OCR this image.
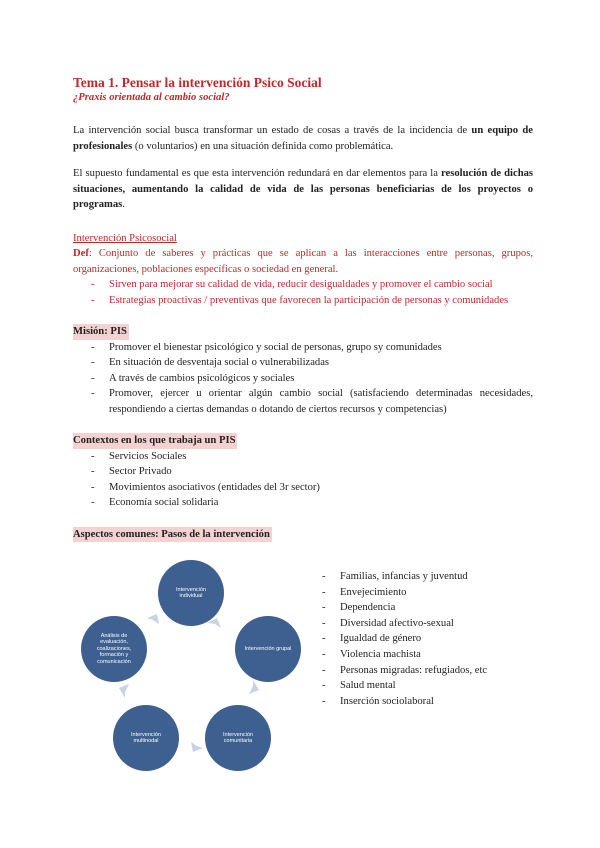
Tema 1. Pensar la intervención Psico Social

¿Praxis orientada al cambio social?

La intervención social busca transformar un estado de cosas a través de la incidencia de un equipo de profesionales (o voluntarios) en una situación definida como problemática.

El supuesto fundamental es que esta intervención redundará en dar elementos para la resolución de dichas situaciones, aumentando la calidad de vida de las personas beneficiarias de los proyectos o programas.

Intervención Psicosocial
Def: Conjunto de saberes y prácticas que se aplican a las interacciones entre personas, grupos, organizaciones, poblaciones específicas o sociedad en general.
- Sirven para mejorar su calidad de vida, reducir desigualdades y promover el cambio social
- Estrategias proactivas / preventivas que favorecen la participación de personas y comunidades
Misión: PIS
- Promover el bienestar psicológico y social de personas, grupo sy comunidades
- En situación de desventaja social o vulnerabilizadas
- A través de cambios psicológicos y sociales
- Promover, ejercer u orientar algún cambio social (satisfaciendo determinadas necesidades, respondiendo a ciertas demandas o dotando de ciertos recursos y competencias)
Contextos en los que trabaja un PIS
- Servicios Sociales
- Sector Privado
- Movimientos asociativos (entidades del 3r sector)
- Economía social solidaria
Aspectos comunes: Pasos de la intervención
Intervención individual
Intervención grupal
Intervención comunitaria
Intervención multinodal
Análisis de evaluación, coalizaciones, formación y comunicación
- Familias, infancias y juventud
- Envejecimiento
- Dependencia
- Diversidad afectivo-sexual
- Igualdad de género
- Violencia machista
- Personas migradas: refugiados, etc
- Salud mental
- Inserción sociolaboral
